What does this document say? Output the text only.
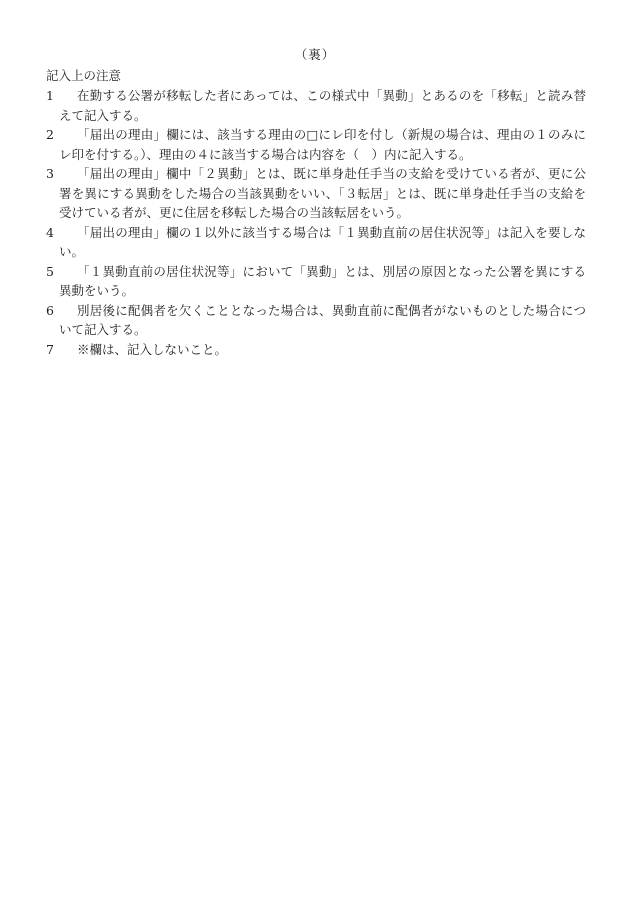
（裏）
記入上の注意
1	在勤する公署が移転した者にあっては、この様式中「異動」とあるのを「移転」と読み替えて記入する。
2	「届出の理由」欄には、該当する理由の□にレ印を付し（新規の場合は、理由の１のみにレ印を付する。）、理由の４に該当する場合は内容を（　）内に記入する。
3	「届出の理由」欄中「２異動」とは、既に単身赴任手当の支給を受けている者が、更に公署を異にする異動をした場合の当該異動をいい、「３転居」とは、既に単身赴任手当の支給を受けている者が、更に住居を移転した場合の当該転居をいう。
4	「届出の理由」欄の１以外に該当する場合は「１異動直前の居住状況等」は記入を要しない。
5	「１異動直前の居住状況等」において「異動」とは、別居の原因となった公署を異にする異動をいう。
6	別居後に配偶者を欠くこととなった場合は、異動直前に配偶者がないものとした場合について記入する。
7	※欄は、記入しないこと。
